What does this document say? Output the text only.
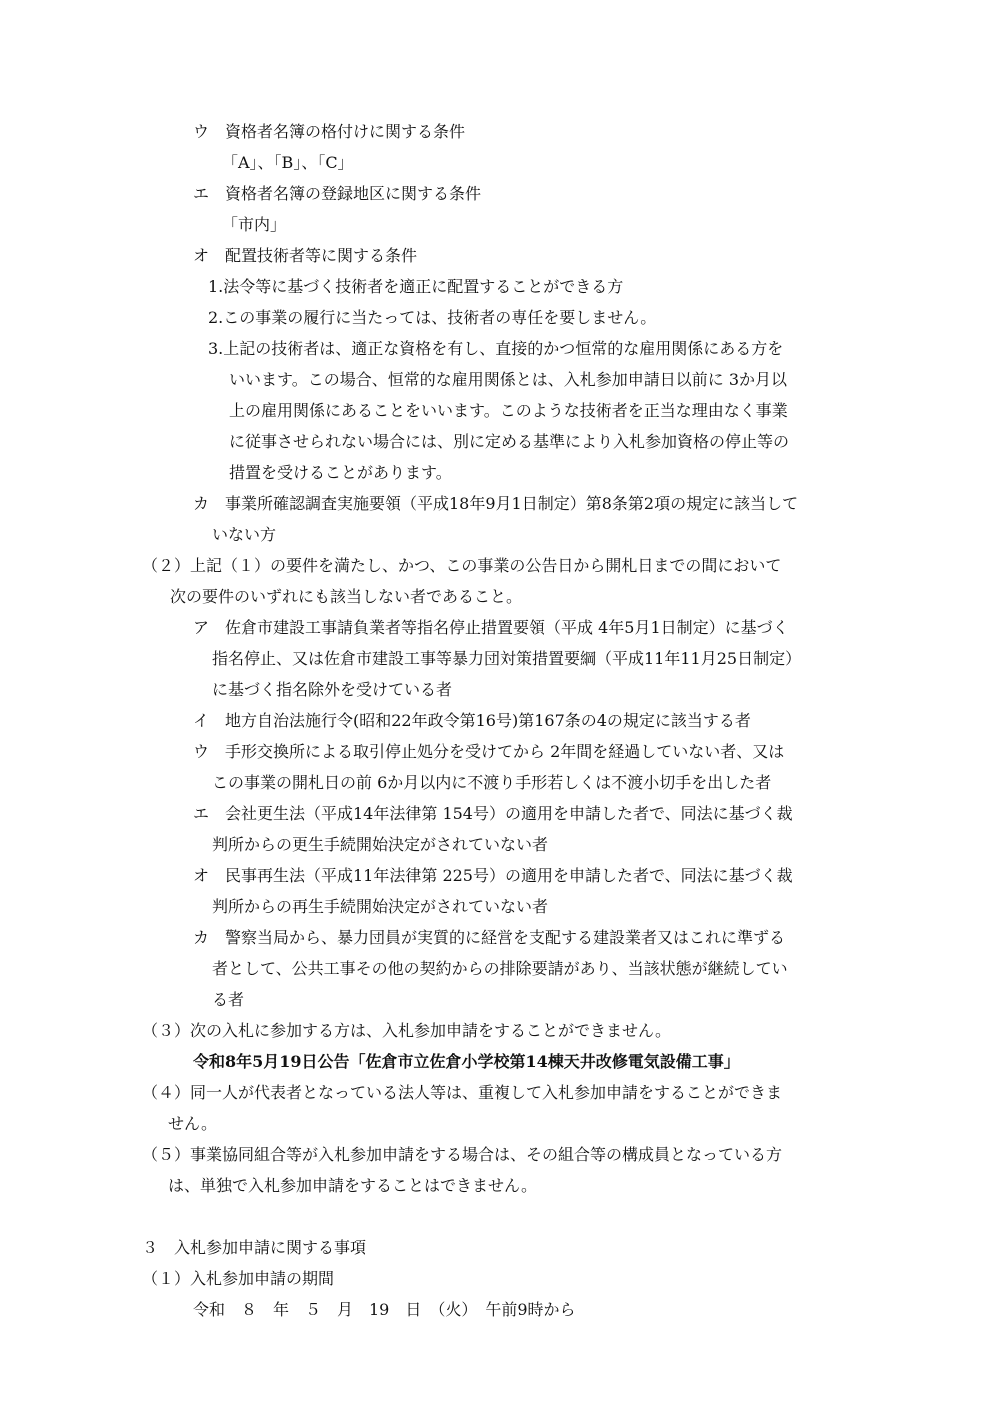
ウ　資格者名簿の格付けに関する条件
「A」、「B」、「C」
エ　資格者名簿の登録地区に関する条件
「市内」
オ　配置技術者等に関する条件
1.法令等に基づく技術者を適正に配置することができる方
2.この事業の履行に当たっては、技術者の専任を要しません。
3.上記の技術者は、適正な資格を有し、直接的かつ恒常的な雇用関係にある方を
いいます。この場合、恒常的な雇用関係とは、入札参加申請日以前に 3か月以
上の雇用関係にあることをいいます。このような技術者を正当な理由なく事業
に従事させられない場合には、別に定める基準により入札参加資格の停止等の
措置を受けることがあります。
カ　事業所確認調査実施要領（平成18年9月1日制定）第8条第2項の規定に該当して
いない方
（２）上記（１）の要件を満たし、かつ、この事業の公告日から開札日までの間において
次の要件のいずれにも該当しない者であること。
ア　佐倉市建設工事請負業者等指名停止措置要領（平成 4年5月1日制定）に基づく
指名停止、又は佐倉市建設工事等暴力団対策措置要綱（平成11年11月25日制定）
に基づく指名除外を受けている者
イ　地方自治法施行令(昭和22年政令第16号)第167条の4の規定に該当する者
ウ　手形交換所による取引停止処分を受けてから 2年間を経過していない者、又は
この事業の開札日の前 6か月以内に不渡り手形若しくは不渡小切手を出した者
エ　会社更生法（平成14年法律第 154号）の適用を申請した者で、同法に基づく裁
判所からの更生手続開始決定がされていない者
オ　民事再生法（平成11年法律第 225号）の適用を申請した者で、同法に基づく裁
判所からの再生手続開始決定がされていない者
カ　警察当局から、暴力団員が実質的に経営を支配する建設業者又はこれに準ずる
者として、公共工事その他の契約からの排除要請があり、当該状態が継続してい
る者
（３）次の入札に参加する方は、入札参加申請をすることができません。
令和8年5月19日公告「佐倉市立佐倉小学校第14棟天井改修電気設備工事」
（４）同一人が代表者となっている法人等は、重複して入札参加申請をすることができま
せん。
（５）事業協同組合等が入札参加申請をする場合は、その組合等の構成員となっている方
は、単独で入札参加申請をすることはできません。
３　入札参加申請に関する事項
（１）入札参加申請の期間
令和　８　年　５　月　19　日　（火）　午前9時から
